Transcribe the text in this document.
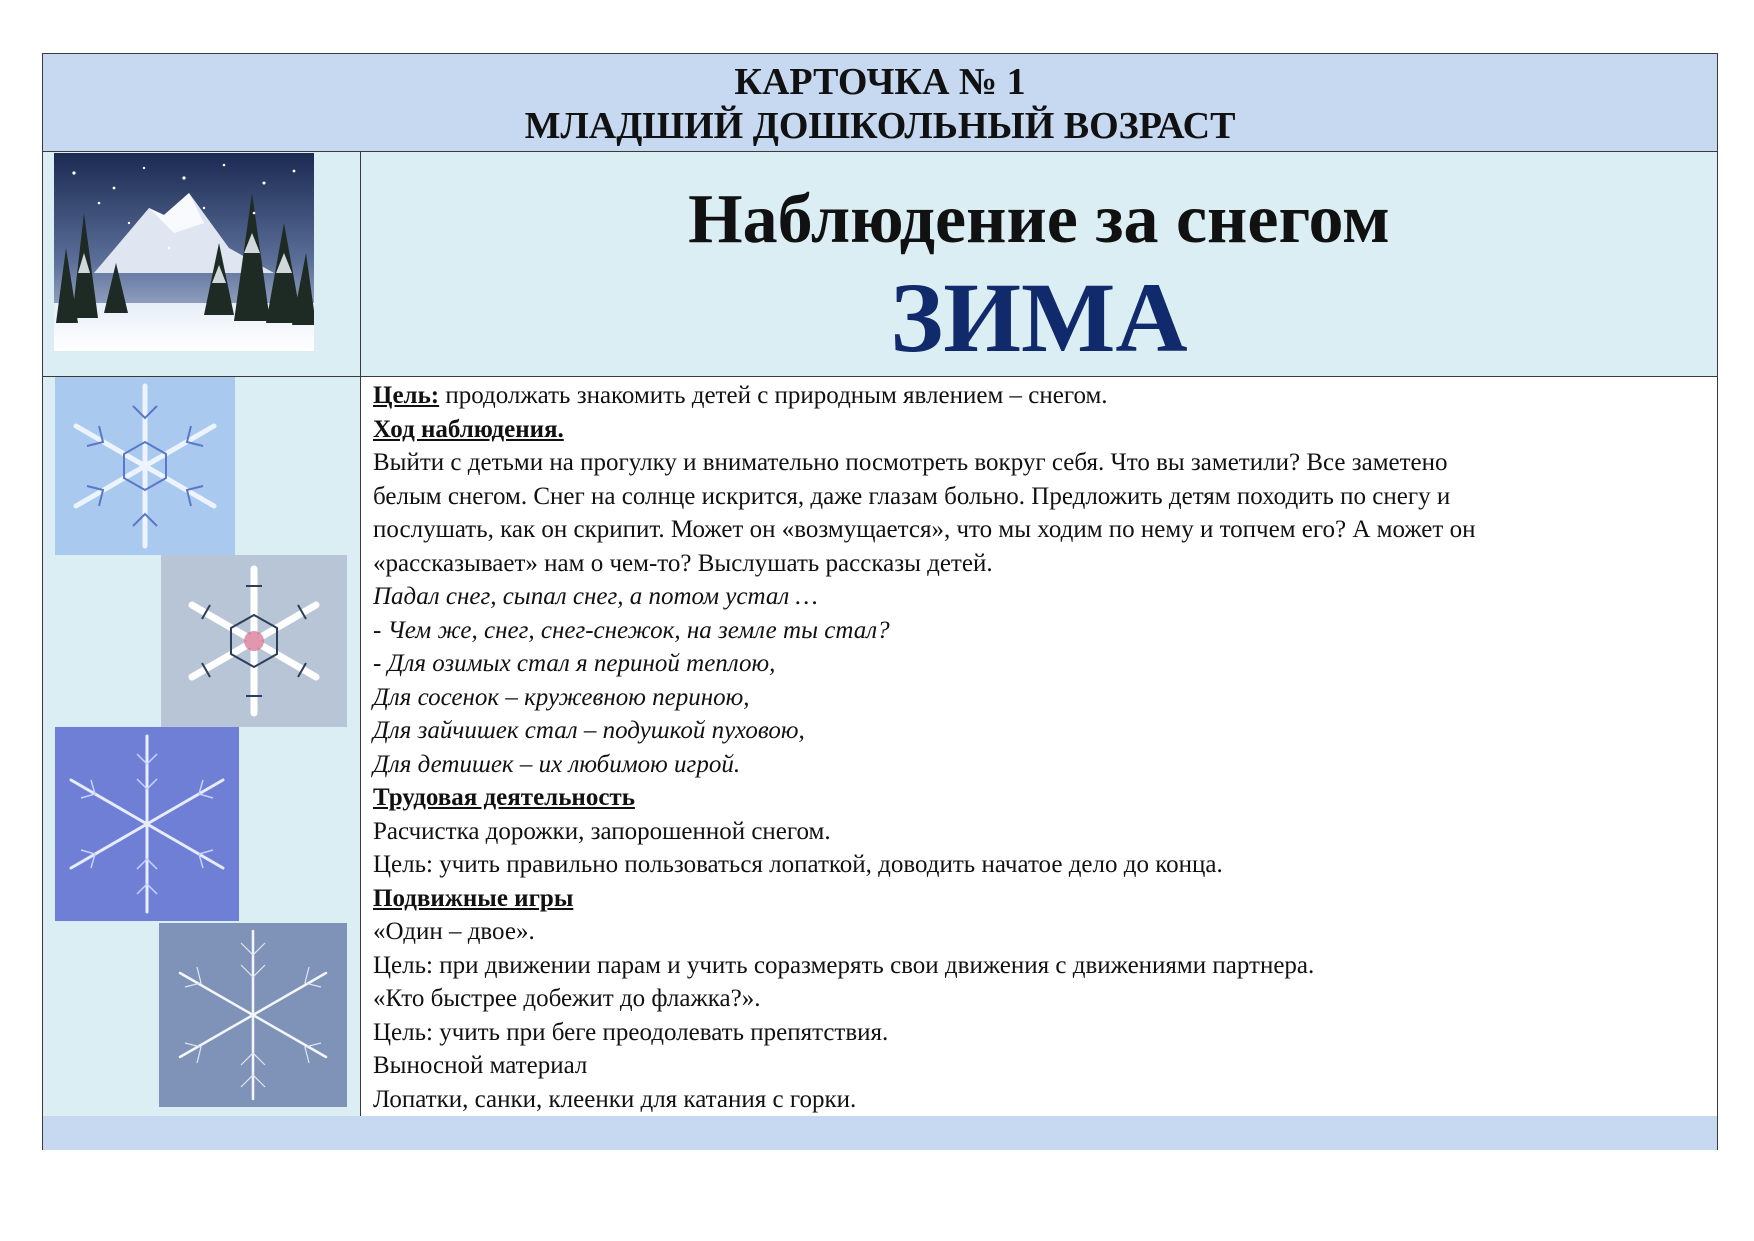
КАРТОЧКА № 1
МЛАДШИЙ ДОШКОЛЬНЫЙ ВОЗРАСТ
Наблюдение за снегом
ЗИМА
Цель: продолжать знакомить детей с природным явлением – снегом.
Ход наблюдения.
Выйти с детьми на прогулку и внимательно посмотреть вокруг себя. Что вы заметили? Все заметено
белым снегом. Снег на солнце искрится, даже глазам больно. Предложить детям походить по снегу и
послушать, как он скрипит. Может он «возмущается», что мы ходим по нему и топчем его? А может он
«рассказывает» нам о чем-то? Выслушать рассказы детей.
Падал снег, сыпал снег, а потом устал …
- Чем же, снег, снег-снежок, на земле ты стал?
- Для озимых стал я периной теплою,
Для сосенок – кружевною периною,
Для зайчишек стал – подушкой пуховою,
Для детишек – их любимою игрой.
Трудовая деятельность
Расчистка дорожки, запорошенной снегом.
Цель: учить правильно пользоваться лопаткой, доводить начатое дело до конца.
Подвижные игры
«Один – двое».
Цель: при движении парам и учить соразмерять свои движения с движениями партнера.
«Кто быстрее добежит до флажка?».
Цель: учить при беге преодолевать препятствия.
Выносной материал
Лопатки, санки, клеенки для катания с горки.
